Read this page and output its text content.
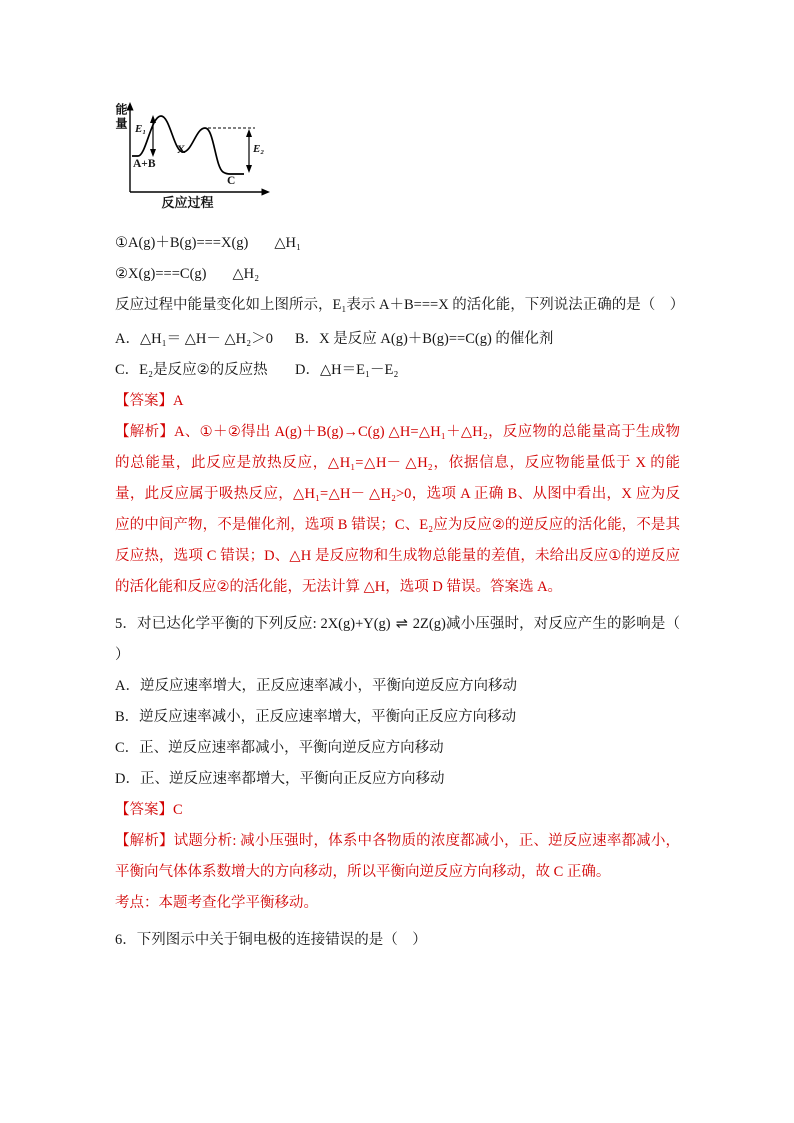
能量 E₁
E₂
A+B
X
C
反应过程

①A(g)＋B(g)===X(g) △H₁

②X(g)===C(g) △H₂

反应过程中能量变化如上图所示，E₁表示 A＋B===X 的活化能，下列说法正确的是（　）

A．△H₁＝ △H－ △H₂＞0	B．X 是反应 A(g)＋B(g)==C(g) 的催化剂
C．E₂是反应②的反应热	D．△H＝E₁－E₂

【答案】A

【解析】A、①＋②得出 A(g)＋B(g)→C(g) △H=△H₁＋△H₂，反应物的总能量高于生成物的总能量，此反应是放热反应，△H₁=△H－ △H₂，依据信息，反应物能量低于 X 的能量，此反应属于吸热反应，△H₁=△H－ △H₂>0，选项 A 正确 B、从图中看出，X 应为反应的中间产物，不是催化剂，选项 B 错误；C、E₂应为反应②的逆反应的活化能，不是其反应热，选项 C 错误；D、△H 是反应物和生成物总能量的差值，未给出反应①的逆反应的活化能和反应②的活化能，无法计算 △H，选项 D 错误。答案选 A。

5．对已达化学平衡的下列反应: 2X(g)+Y(g) ⇌ 2Z(g)减小压强时，对反应产生的影响是（ ）

A．逆反应速率增大，正反应速率减小，平衡向逆反应方向移动

B．逆反应速率减小，正反应速率增大，平衡向正反应方向移动

C．正、逆反应速率都减小，平衡向逆反应方向移动

D．正、逆反应速率都增大，平衡向正反应方向移动

【答案】C

【解析】试题分析: 减小压强时，体系中各物质的浓度都减小，正、逆反应速率都减小，平衡向气体体系数增大的方向移动，所以平衡向逆反应方向移动，故 C 正确。

考点：本题考查化学平衡移动。

6．下列图示中关于铜电极的连接错误的是（　）
